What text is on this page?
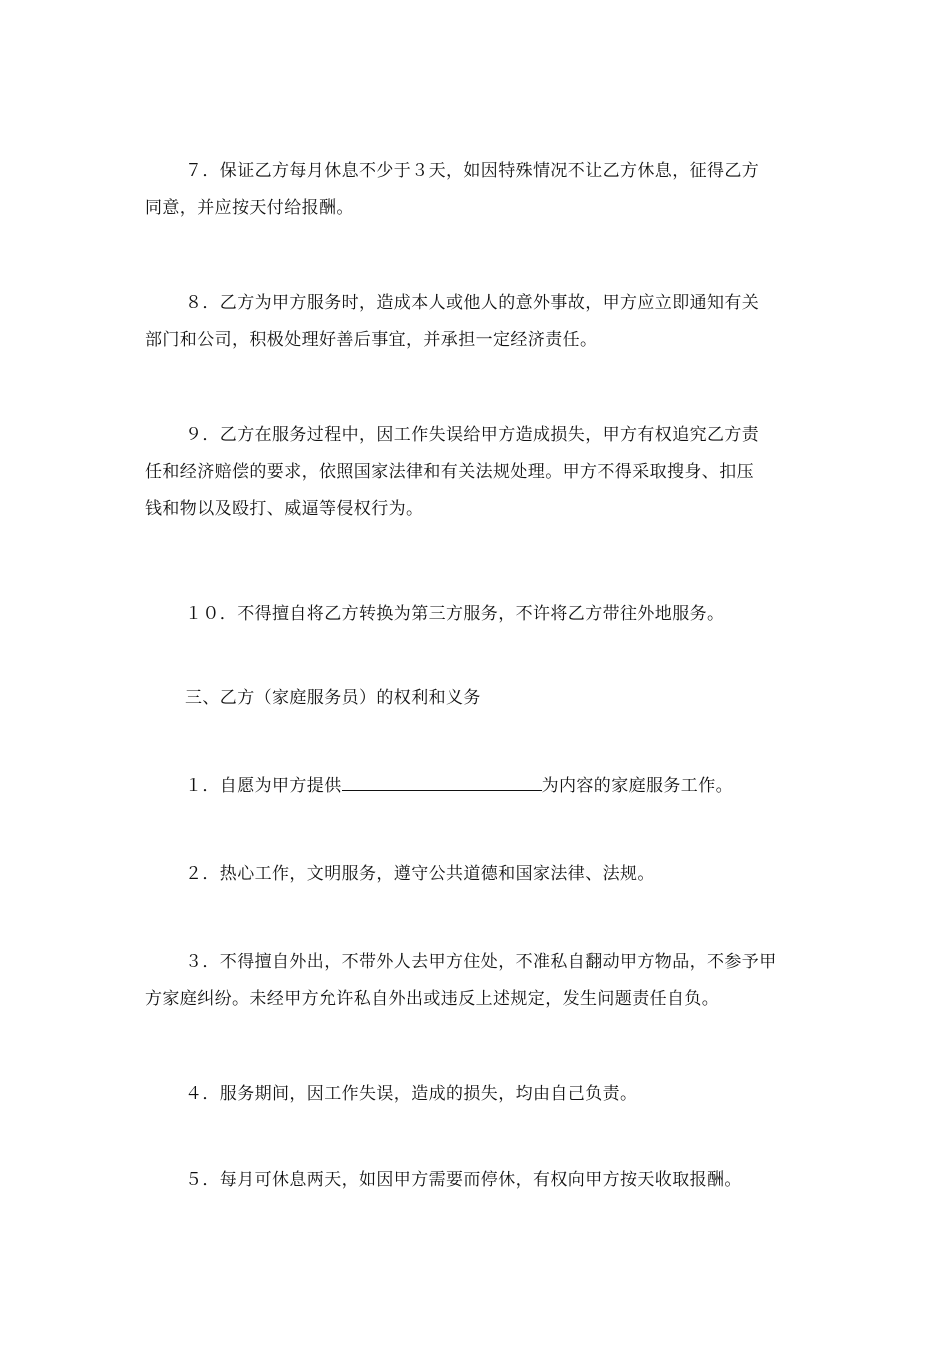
７．保证乙方每月休息不少于３天，如因特殊情况不让乙方休息，征得乙方
同意，并应按天付给报酬。
８．乙方为甲方服务时，造成本人或他人的意外事故，甲方应立即通知有关
部门和公司，积极处理好善后事宜，并承担一定经济责任。
９．乙方在服务过程中，因工作失误给甲方造成损失，甲方有权追究乙方责
任和经济赔偿的要求，依照国家法律和有关法规处理。甲方不得采取搜身、扣压
钱和物以及殴打、威逼等侵权行为。
１０．不得擅自将乙方转换为第三方服务，不许将乙方带往外地服务。
三、乙方（家庭服务员）的权利和义务
１．自愿为甲方提供	为内容的家庭服务工作。
２．热心工作，文明服务，遵守公共道德和国家法律、法规。
３．不得擅自外出，不带外人去甲方住处，不准私自翻动甲方物品，不参予甲
方家庭纠纷。未经甲方允许私自外出或违反上述规定，发生问题责任自负。
４．服务期间，因工作失误，造成的损失，均由自己负责。
５．每月可休息两天，如因甲方需要而停休，有权向甲方按天收取报酬。
